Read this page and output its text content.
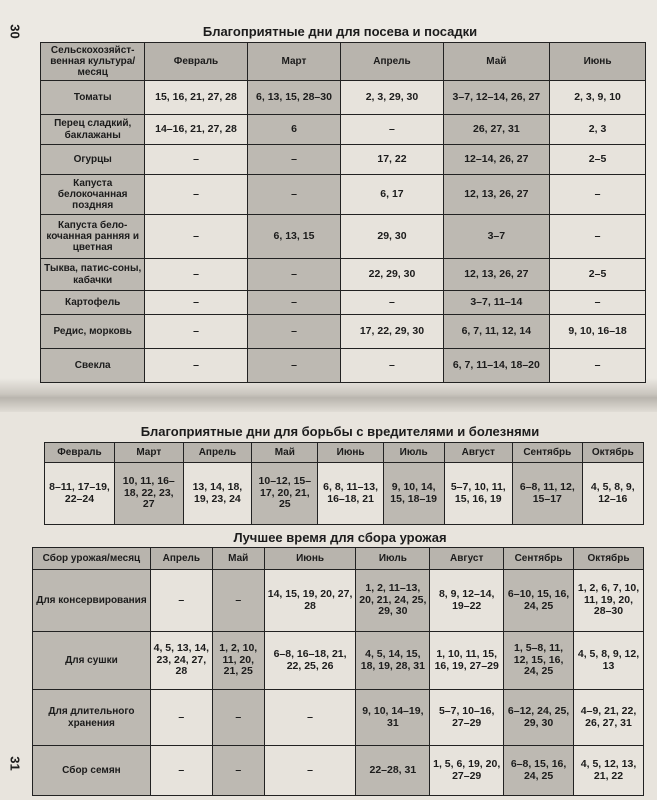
30
31
Благоприятные дни для посева и посадки
Сельскохозяйст-венная культура/месяц	Февраль	Март	Апрель	Май	Июнь
Томаты	15, 16, 21, 27, 28	6, 13, 15, 28–30	2, 3, 29, 30	3–7, 12–14, 26, 27	2, 3, 9, 10
Перец сладкий, баклажаны	14–16, 21, 27, 28	6	–	26, 27, 31	2, 3
Огурцы	–	–	17, 22	12–14, 26, 27	2–5
Капуста белокочанная поздняя	–	–	6, 17	12, 13, 26, 27	–
Капуста бело-кочанная ранняя и цветная	–	6, 13, 15	29, 30	3–7	–
Тыква, патис-соны, кабачки	–	–	22, 29, 30	12, 13, 26, 27	2–5
Картофель	–	–	–	3–7, 11–14	–
Редис, морковь	–	–	17, 22, 29, 30	6, 7, 11, 12, 14	9, 10, 16–18
Свекла	–	–	–	6, 7, 11–14, 18–20	–
Благоприятные дни для борьбы с вредителями и болезнями
Февраль	Март	Апрель	Май	Июнь	Июль	Август	Сентябрь	Октябрь
8–11, 17–19, 22–24	10, 11, 16–18, 22, 23, 27	13, 14, 18, 19, 23, 24	10–12, 15–17, 20, 21, 25	6, 8, 11–13, 16–18, 21	9, 10, 14, 15, 18–19	5–7, 10, 11, 15, 16, 19	6–8, 11, 12, 15–17	4, 5, 8, 9, 12–16
Лучшее время для сбора урожая
Сбор урожая/месяц	Апрель	Май	Июнь	Июль	Август	Сентябрь	Октябрь
Для консервирования	–	–	14, 15, 19, 20, 27, 28	1, 2, 11–13, 20, 21, 24, 25, 29, 30	8, 9, 12–14, 19–22	6–10, 15, 16, 24, 25	1, 2, 6, 7, 10, 11, 19, 20, 28–30
Для сушки	4, 5, 13, 14, 23, 24, 27, 28	1, 2, 10, 11, 20, 21, 25	6–8, 16–18, 21, 22, 25, 26	4, 5, 14, 15, 18, 19, 28, 31	1, 10, 11, 15, 16, 19, 27–29	1, 5–8, 11, 12, 15, 16, 24, 25	4, 5, 8, 9, 12, 13
Для длительного хранения	–	–	–	9, 10, 14–19, 31	5–7, 10–16, 27–29	6–12, 24, 25, 29, 30	4–9, 21, 22, 26, 27, 31
Сбор семян	–	–	–	22–28, 31	1, 5, 6, 19, 20, 27–29	6–8, 15, 16, 24, 25	4, 5, 12, 13, 21, 22
